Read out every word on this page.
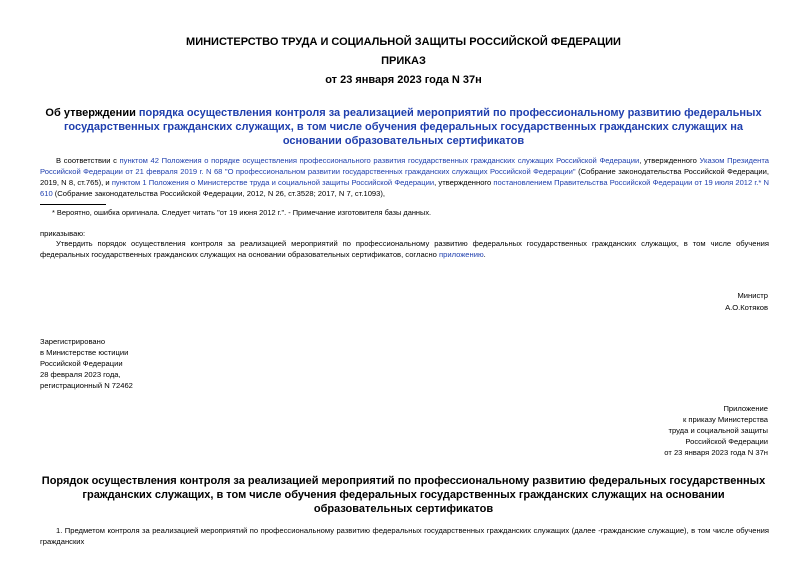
МИНИСТЕРСТВО ТРУДА И СОЦИАЛЬНОЙ ЗАЩИТЫ РОССИЙСКОЙ ФЕДЕРАЦИИ
ПРИКАЗ
от 23 января 2023 года N 37н
Об утверждении порядка осуществления контроля за реализацией мероприятий по профессиональному развитию федеральных государственных гражданских служащих, в том числе обучения федеральных государственных гражданских служащих на основании образовательных сертификатов
В соответствии с пунктом 42 Положения о порядке осуществления профессионального развития государственных гражданских служащих Российской Федерации, утвержденного Указом Президента Российской Федерации от 21 февраля 2019 г. N 68 "О профессиональном развитии государственных гражданских служащих Российской Федерации" (Собрание законодательства Российской Федерации, 2019, N 8, ст.765), и пунктом 1 Положения о Министерстве труда и социальной защиты Российской Федерации, утвержденного постановлением Правительства Российской Федерации от 19 июля 2012 г.* N 610 (Собрание законодательства Российской Федерации, 2012, N 26, ст.3528; 2017, N 7, ст.1093),
* Вероятно, ошибка оригинала. Следует читать "от 19 июня 2012 г.". - Примечание изготовителя базы данных.
приказываю:
Утвердить порядок осуществления контроля за реализацией мероприятий по профессиональному развитию федеральных государственных гражданских служащих, в том числе обучения федеральных государственных гражданских служащих на основании образовательных сертификатов, согласно приложению.
Министр
А.О.Котяков
Зарегистрировано
в Министерстве юстиции
Российской Федерации
28 февраля 2023 года,
регистрационный N 72462
Приложение
к приказу Министерства
труда и социальной защиты
Российской Федерации
от 23 января 2023 года N 37н
Порядок осуществления контроля за реализацией мероприятий по профессиональному развитию федеральных государственных гражданских служащих, в том числе обучения федеральных государственных гражданских служащих на основании образовательных сертификатов
1. Предметом контроля за реализацией мероприятий по профессиональному развитию федеральных государственных гражданских служащих (далее -гражданские служащие), в том числе обучения гражданских
